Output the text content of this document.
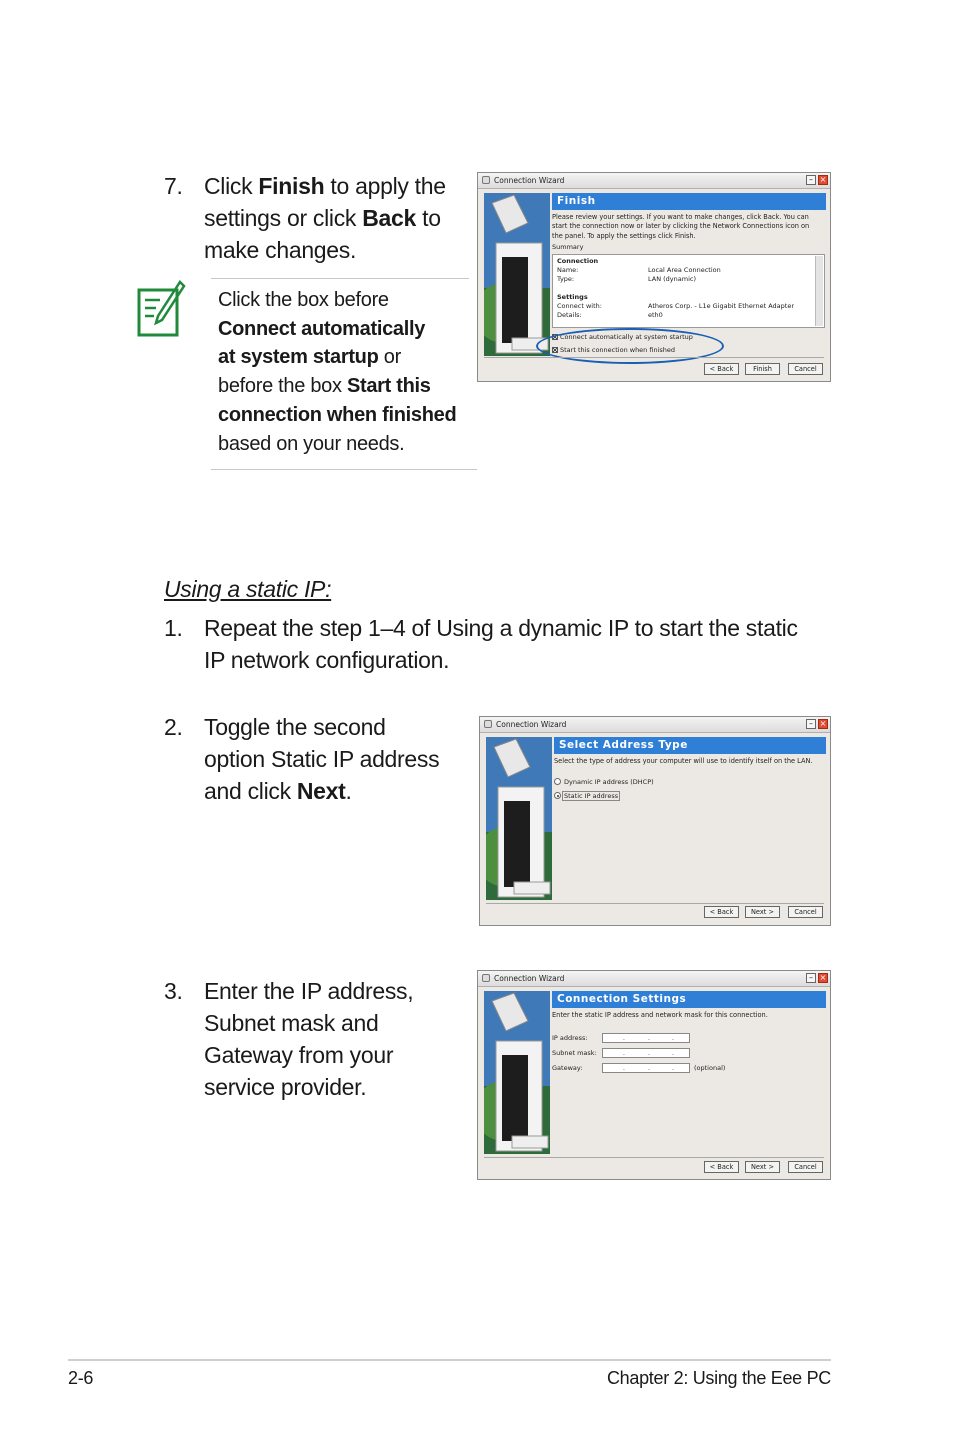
7. Click Finish to apply the
settings or click Back to
make changes.
Click the box before
Connect automatically
at system startup or
before the box Start this
connection when finished
based on your needs.
Connection Wizard	– ×
Finish
Please review your settings. If you want to make changes, click Back. You can
start the connection now or later by clicking the Network Connections icon on
the panel. To apply the settings click Finish.
Summary
Connection
Name:	Local Area Connection
Type:	LAN (dynamic)
Settings
Connect with:	Atheros Corp. - L1e Gigabit Ethernet Adapter
Details:	eth0
Connect automatically at system startup
Start this connection when finished
< Back	Finish	Cancel
Using a static IP:
1. Repeat the step 1–4 of Using a dynamic IP to start the static
IP network configuration.
2. Toggle the second
option Static IP address
and click Next.
Connection Wizard	– ×
Select Address Type
Select the type of address your computer will use to identify itself on the LAN.
Dynamic IP address (DHCP)
Static IP address
< Back	Next >	Cancel
3. Enter the IP address,
Subnet mask and
Gateway from your
service provider.
Connection Wizard	– ×
Connection Settings
Enter the static IP address and network mask for this connection.
IP address:	.	.	.
Subnet mask:	.	.	.
Gateway:	.	.	.	(optional)
< Back	Next >	Cancel
2-6	Chapter 2: Using the Eee PC
